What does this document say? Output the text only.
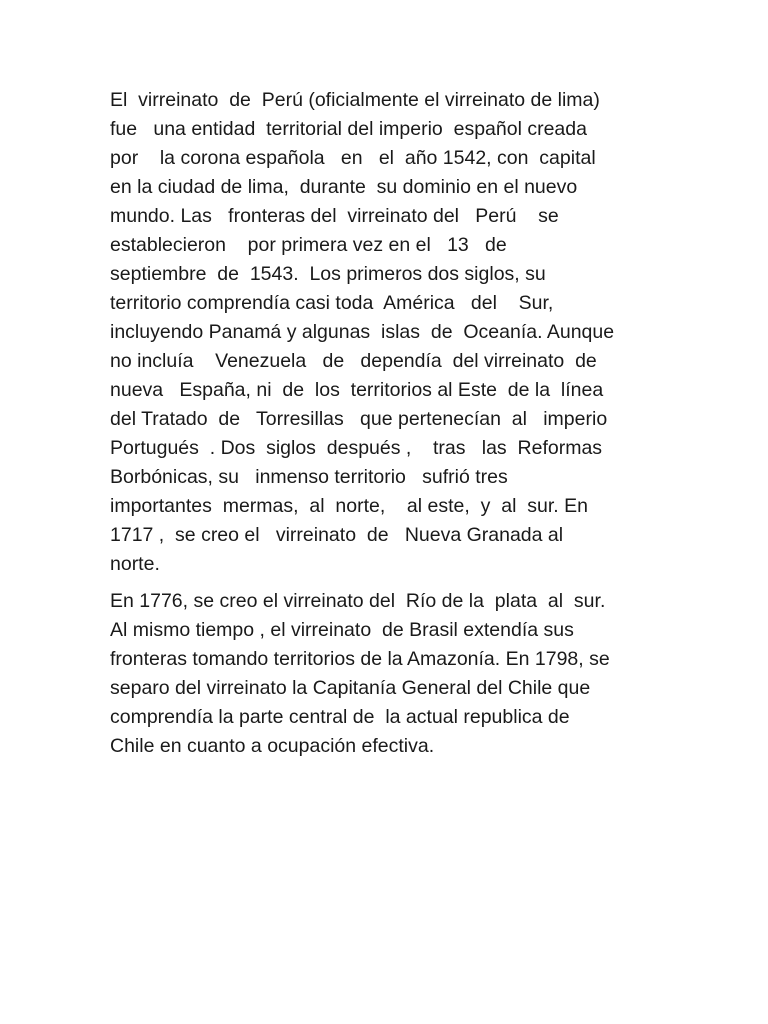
El  virreinato  de  Perú (oficialmente el virreinato de lima)
fue   una entidad  territorial del imperio  español creada
por    la corona española   en   el  año 1542, con  capital
en la ciudad de lima,  durante  su dominio en el nuevo
mundo. Las   fronteras del  virreinato del   Perú    se
establecieron    por primera vez en el   13   de
septiembre  de  1543.  Los primeros dos siglos, su
territorio comprendía casi toda  América   del    Sur,
incluyendo Panamá y algunas  islas  de  Oceanía. Aunque
no incluía    Venezuela   de   dependía  del virreinato  de
nueva   España, ni  de  los  territorios al Este  de la  línea
del Tratado  de   Torresillas   que pertenecían  al   imperio
Portugués  . Dos  siglos  después ,    tras   las  Reformas
Borbónicas, su   inmenso territorio   sufrió tres
importantes  mermas,  al  norte,    al este,  y  al  sur. En
1717 ,  se creo el   virreinato  de   Nueva Granada al
norte.

En 1776, se creo el virreinato del  Río de la  plata  al  sur.
Al mismo tiempo , el virreinato  de Brasil extendía sus
fronteras tomando territorios de la Amazonía. En 1798, se
separo del virreinato la Capitanía General del Chile que
comprendía la parte central de  la actual republica de
Chile en cuanto a ocupación efectiva.
